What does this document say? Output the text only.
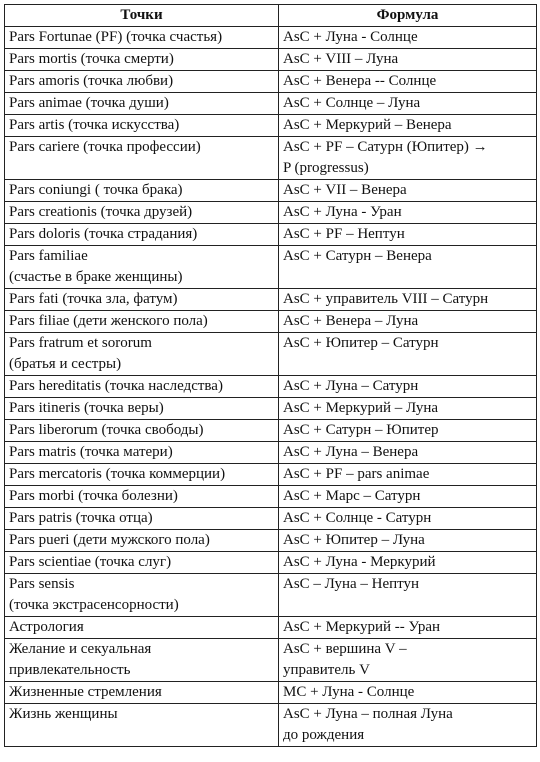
Точки	Формула
Pars Fortunae (PF) (точка счастья)	AsC + Луна - Солнце
Pars mortis (точка смерти)	AsC + VIII – Луна
Pars amoris (точка любви)	AsC + Венера -- Солнце
Pars animae (точка души)	AsC + Солнце – Луна
Pars artis (точка искусства)	AsC + Меркурий – Венера
Pars cariere (точка профессии)	AsC + PF – Сатурн (Юпитер) →
P (progressus)
Pars coniungi ( точка брака)	AsC + VII – Венера
Pars creationis (точка друзей)	AsC + Луна - Уран
Pars doloris (точка страдания)	AsC + PF – Нептун
Pars familiae
(счастье в браке женщины)	AsC + Сатурн – Венера
Pars fati (точка зла, фатум)	AsC + управитель VIII – Сатурн
Pars filiae (дети женского пола)	AsC + Венера – Луна
Pars fratrum et sororum
(братья и сестры)	AsC + Юпитер – Сатурн
Pars hereditatis (точка наследства)	AsC + Луна – Сатурн
Pars itineris (точка веры)	AsC + Меркурий – Луна
Pars liberorum (точка свободы)	AsC + Сатурн – Юпитер
Pars matris (точка матери)	AsC + Луна – Венера
Pars mercatoris (точка коммерции)	AsC + PF – pars animae
Pars morbi (точка болезни)	AsC + Марс – Сатурн
Pars patris (точка отца)	AsC + Солнце - Сатурн
Pars pueri (дети мужского пола)	AsC + Юпитер – Луна
Pars scientiae (точка слуг)	AsC + Луна - Меркурий
Pars sensis
(точка экстрасенсорности)	AsC – Луна – Нептун
Астрология	AsC + Меркурий -- Уран
Желание и секуальная
привлекательность	AsC + вершина V –
управитель V
Жизненные стремления	MC + Луна - Солнце
Жизнь женщины	AsC + Луна – полная Луна
до рождения
